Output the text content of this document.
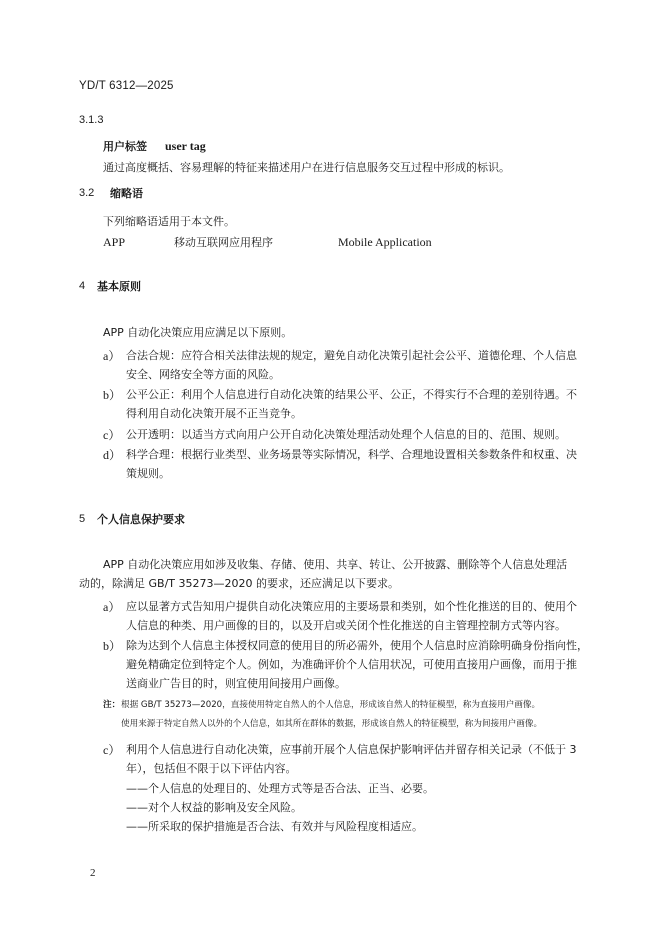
YD/T 6312—2025
3.1.3
用户标签 user tag
通过高度概括、容易理解的特征来描述用户在进行信息服务交互过程中形成的标识。
3.2 缩略语
下列缩略语适用于本文件。
APP	移动互联网应用程序	Mobile Application
4 基本原则
APP 自动化决策应用应满足以下原则。
a） 合法合规：应符合相关法律法规的规定，避免自动化决策引起社会公平、道德伦理、个人信息
安全、网络安全等方面的风险。
b） 公平公正：利用个人信息进行自动化决策的结果公平、公正，不得实行不合理的差别待遇。不
得利用自动化决策开展不正当竞争。
c） 公开透明：以适当方式向用户公开自动化决策处理活动处理个人信息的目的、范围、规则。
d） 科学合理：根据行业类型、业务场景等实际情况，科学、合理地设置相关参数条件和权重、决
策规则。
5 个人信息保护要求
APP 自动化决策应用如涉及收集、存储、使用、共享、转让、公开披露、删除等个人信息处理活
动的，除满足 GB/T 35273—2020 的要求，还应满足以下要求。
a） 应以显著方式告知用户提供自动化决策应用的主要场景和类别，如个性化推送的目的、使用个
人信息的种类、用户画像的目的，以及开启或关闭个性化推送的自主管理控制方式等内容。
b） 除为达到个人信息主体授权同意的使用目的所必需外，使用个人信息时应消除明确身份指向性，
避免精确定位到特定个人。例如，为准确评价个人信用状况，可使用直接用户画像，而用于推
送商业广告目的时，则宜使用间接用户画像。
注： 根据 GB/T 35273—2020，直接使用特定自然人的个人信息，形成该自然人的特征模型，称为直接用户画像。
使用来源于特定自然人以外的个人信息，如其所在群体的数据，形成该自然人的特征模型，称为间接用户画像。
c） 利用个人信息进行自动化决策，应事前开展个人信息保护影响评估并留存相关记录（不低于 3
年），包括但不限于以下评估内容。
——个人信息的处理目的、处理方式等是否合法、正当、必要。
——对个人权益的影响及安全风险。
——所采取的保护措施是否合法、有效并与风险程度相适应。
2
